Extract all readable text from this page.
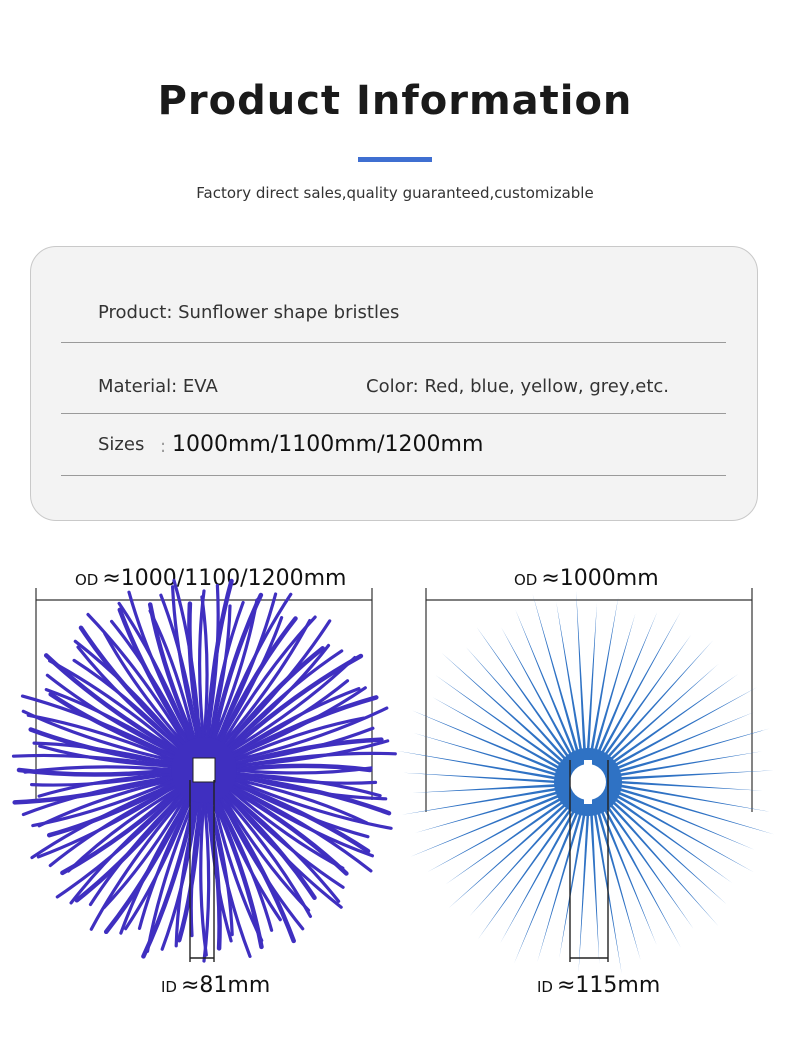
Product Information
Factory direct sales,quality guaranteed,customizable
Product: Sunflower shape bristles
Material: EVA	Color: Red, blue, yellow, grey,etc.
Sizes : 1000mm/1100mm/1200mm
OD ≈1000/1100/1200mm	OD ≈1000mm
ID ≈81mm	ID ≈115mm
